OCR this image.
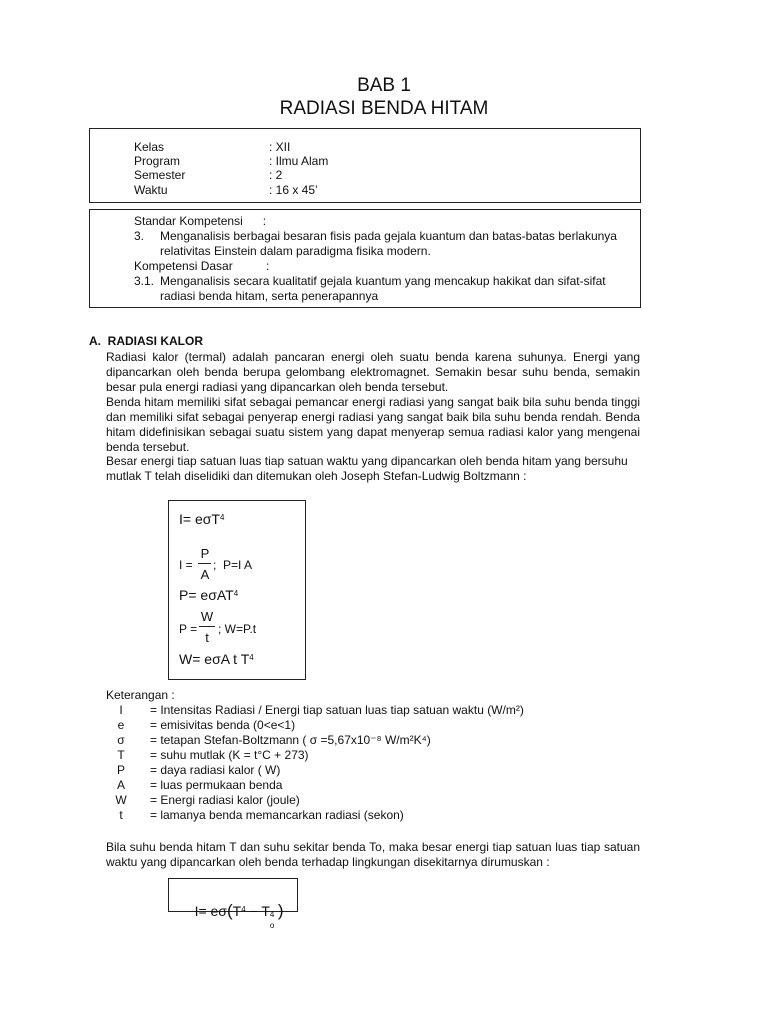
BAB 1
RADIASI BENDA HITAM
Kelas	: XII
Program	: Ilmu Alam
Semester	: 2
Waktu	: 16 x 45’
Standar Kompetensi      :
3. Menganalisis berbagai besaran fisis pada gejala kuantum dan batas-batas berlakunya
relativitas Einstein dalam paradigma fisika modern.
Kompetensi Dasar          :
3.1. Menganalisis secara kualitatif gejala kuantum yang mencakup hakikat dan sifat-sifat
radiasi benda hitam, serta penerapannya
A.  RADIASI KALOR
Radiasi kalor (termal) adalah pancaran energi oleh suatu benda karena suhunya. Energi yang dipancarkan oleh benda berupa gelombang elektromagnet. Semakin besar suhu benda, semakin besar pula energi radiasi yang dipancarkan oleh benda tersebut.
Benda hitam memiliki sifat sebagai pemancar energi radiasi yang sangat baik bila suhu benda tinggi dan memiliki sifat sebagai penyerap energi radiasi yang sangat baik bila suhu benda rendah. Benda hitam didefinisikan sebagai suatu sistem yang dapat menyerap semua radiasi kalor yang mengenai benda tersebut.
Besar energi tiap satuan luas tiap satuan waktu yang dipancarkan oleh benda hitam yang bersuhu mutlak T telah diselidiki dan ditemukan oleh Joseph Stefan-Ludwig Boltzmann :
I= eσT$^4$
I =
P
A
;  P=I A
P= eσAT$^4$
P =
W
t
; W=P.t
W= eσA t $T^4$
Keterangan :
I	= Intensitas Radiasi / Energi tiap satuan luas tiap satuan waktu (W/m²)
e	= emisivitas benda (0<e<1)
σ	= tetapan Stefan-Boltzmann ( σ =5,67x10⁻⁸ W/m²K⁴)
T	= suhu mutlak (K = t°C + 273)
P	= daya radiasi kalor ( W)
A	= luas permukaan benda
W	= Energi radiasi kalor (joule)
t	= lamanya benda memancarkan radiasi (sekon)
Bila suhu benda hitam T dan suhu sekitar benda To, maka besar energi tiap satuan luas tiap satuan waktu yang dipancarkan oleh benda terhadap lingkungan disekitarnya dirumuskan :

$I= e\sigma(T^4 - T$ 4
o
)
